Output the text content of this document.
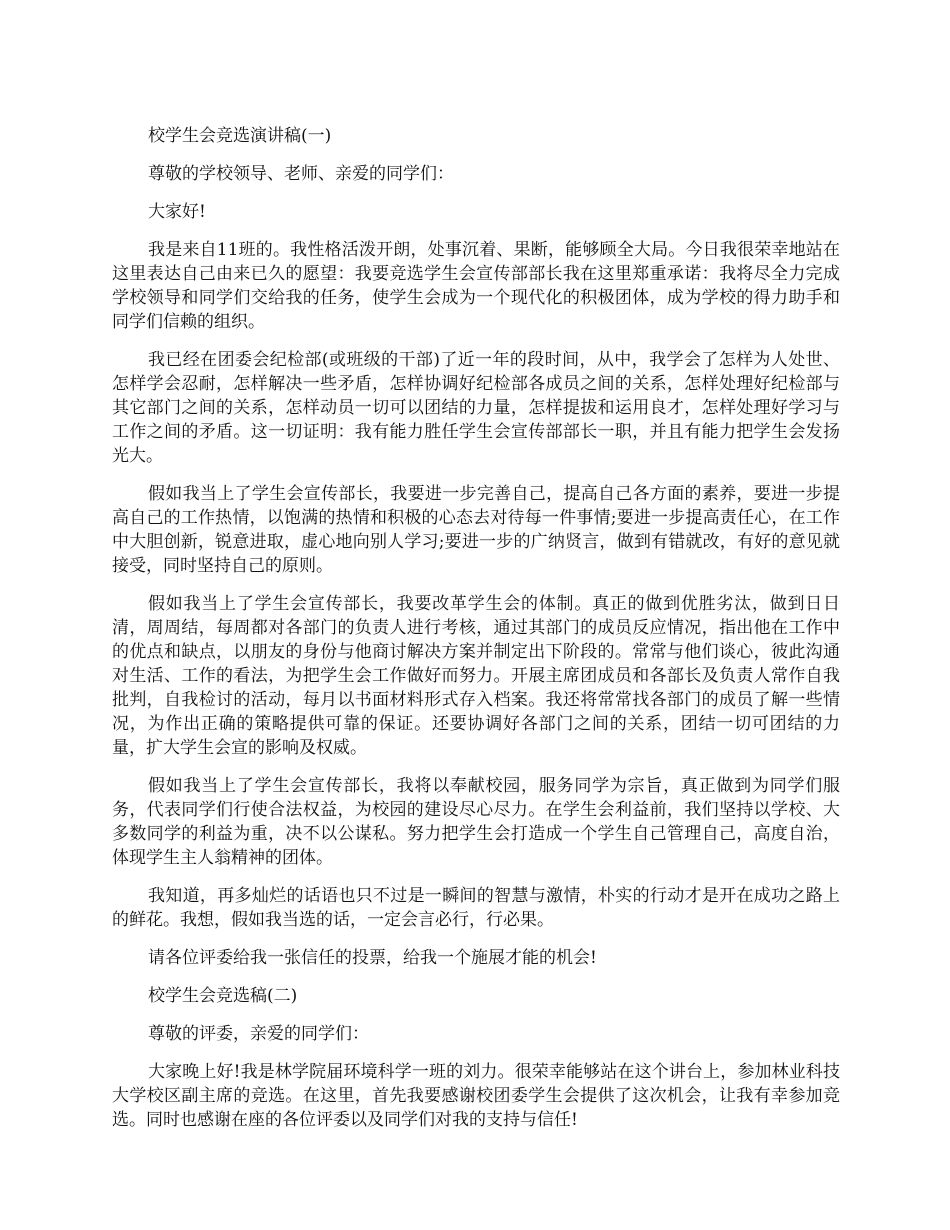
校学生会竞选演讲稿(一)

尊敬的学校领导、老师、亲爱的同学们：

大家好!

我是来自11班的。我性格活泼开朗，处事沉着、果断，能够顾全大局。今日我很荣幸地站在这里表达自己由来已久的愿望：我要竞选学生会宣传部部长我在这里郑重承诺：我将尽全力完成学校领导和同学们交给我的任务，使学生会成为一个现代化的积极团体，成为学校的得力助手和同学们信赖的组织。

我已经在团委会纪检部(或班级的干部)了近一年的段时间，从中，我学会了怎样为人处世、怎样学会忍耐，怎样解决一些矛盾，怎样协调好纪检部各成员之间的关系，怎样处理好纪检部与其它部门之间的关系，怎样动员一切可以团结的力量，怎样提拔和运用良才，怎样处理好学习与工作之间的矛盾。这一切证明：我有能力胜任学生会宣传部部长一职，并且有能力把学生会发扬光大。

假如我当上了学生会宣传部长，我要进一步完善自己，提高自己各方面的素养，要进一步提高自己的工作热情，以饱满的热情和积极的心态去对待每一件事情;要进一步提高责任心，在工作中大胆创新，锐意进取，虚心地向别人学习;要进一步的广纳贤言，做到有错就改，有好的意见就接受，同时坚持自己的原则。

假如我当上了学生会宣传部长，我要改革学生会的体制。真正的做到优胜劣汰，做到日日清，周周结，每周都对各部门的负责人进行考核，通过其部门的成员反应情况，指出他在工作中的优点和缺点，以朋友的身份与他商讨解决方案并制定出下阶段的。常常与他们谈心，彼此沟通对生活、工作的看法，为把学生会工作做好而努力。开展主席团成员和各部长及负责人常作自我批判，自我检讨的活动，每月以书面材料形式存入档案。我还将常常找各部门的成员了解一些情况，为作出正确的策略提供可靠的保证。还要协调好各部门之间的关系，团结一切可团结的力量，扩大学生会宣的影响及权威。

假如我当上了学生会宣传部长，我将以奉献校园，服务同学为宗旨，真正做到为同学们服务，代表同学们行使合法权益，为校园的建设尽心尽力。在学生会利益前，我们坚持以学校、大多数同学的利益为重，决不以公谋私。努力把学生会打造成一个学生自己管理自己，高度自治，体现学生主人翁精神的团体。

我知道，再多灿烂的话语也只不过是一瞬间的智慧与激情，朴实的行动才是开在成功之路上的鲜花。我想，假如我当选的话，一定会言必行，行必果。

请各位评委给我一张信任的投票，给我一个施展才能的机会!

校学生会竞选稿(二)

尊敬的评委，亲爱的同学们：

大家晚上好!我是林学院届环境科学一班的刘力。很荣幸能够站在这个讲台上，参加林业科技大学校区副主席的竞选。在这里，首先我要感谢校团委学生会提供了这次机会，让我有幸参加竞选。同时也感谢在座的各位评委以及同学们对我的支持与信任!
